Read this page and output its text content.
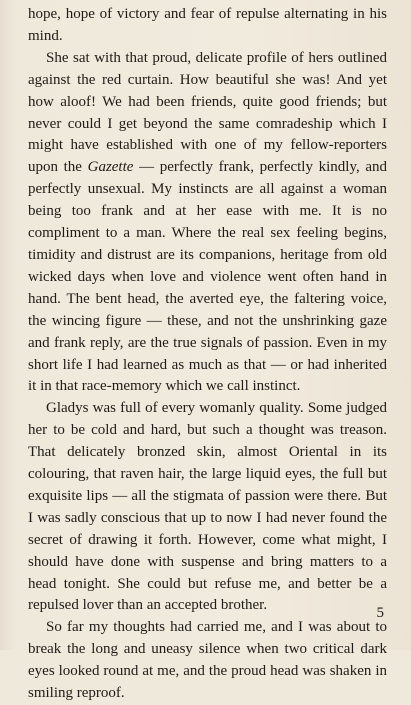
hope, hope of victory and fear of repulse alternating in his mind.

She sat with that proud, delicate profile of hers outlined against the red curtain. How beautiful she was! And yet how aloof! We had been friends, quite good friends; but never could I get beyond the same comradeship which I might have established with one of my fellow-reporters upon the Gazette — perfectly frank, perfectly kindly, and perfectly unsexual. My instincts are all against a woman being too frank and at her ease with me. It is no compliment to a man. Where the real sex feeling begins, timidity and distrust are its companions, heritage from old wicked days when love and violence went often hand in hand. The bent head, the averted eye, the faltering voice, the wincing figure — these, and not the unshrinking gaze and frank reply, are the true signals of passion. Even in my short life I had learned as much as that — or had inherited it in that race-memory which we call instinct.

Gladys was full of every womanly quality. Some judged her to be cold and hard, but such a thought was treason. That delicately bronzed skin, almost Oriental in its colouring, that raven hair, the large liquid eyes, the full but exquisite lips — all the stigmata of passion were there. But I was sadly conscious that up to now I had never found the secret of drawing it forth. However, come what might, I should have done with suspense and bring matters to a head tonight. She could but refuse me, and better be a repulsed lover than an accepted brother.

So far my thoughts had carried me, and I was about to break the long and uneasy silence when two critical dark eyes looked round at me, and the proud head was shaken in smiling reproof.

5
